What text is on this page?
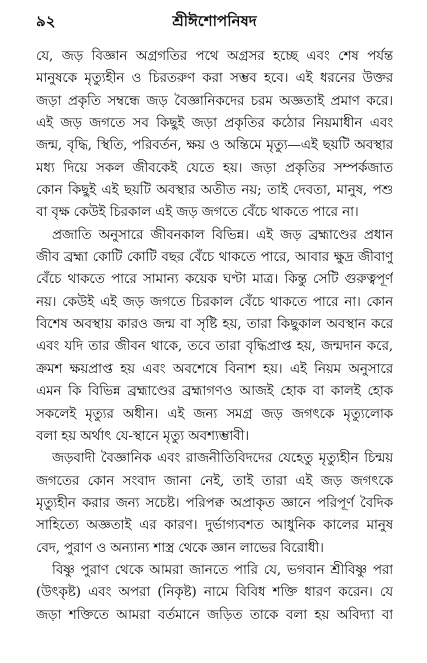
৯২	শ্রীঈশোপনিষদ
যে, জড় বিজ্ঞান অগ্রগতির পথে অগ্রসর হচ্ছে এবং শেষ পর্যন্ত
মানুষকে মৃত্যুহীন ও চিরতরুণ করা সম্ভব হবে। এই ধরনের উক্তর
জড়া প্রকৃতি সম্বন্ধে জড় বৈজ্ঞানিকদের চরম অজ্ঞতাই প্রমাণ করে।
এই জড় জগতে সব কিছুই জড়া প্রকৃতির কঠোর নিয়মাধীন এবং
জন্ম, বৃদ্ধি, স্থিতি, পরিবর্তন, ক্ষয় ও অন্তিমে মৃত্যু—এই ছয়টি অবস্থার
মধ্য দিয়ে সকল জীবকেই যেতে হয়। জড়া প্রকৃতির সম্পর্কজাত
কোন কিছুই এই ছয়টি অবস্থার অতীত নয়; তাই দেবতা, মানুষ, পশু
বা বৃক্ষ কেউই চিরকাল এই জড় জগতে বেঁচে থাকতে পারে না।
প্রজাতি অনুসারে জীবনকাল বিভিন্ন। এই জড় ব্রহ্মাণ্ডের প্রধান
জীব ব্রহ্মা কোটি কোটি বছর বেঁচে থাকতে পারে, আবার ক্ষুদ্র জীবাণু
বেঁচে থাকতে পারে সামান্য কয়েক ঘণ্টা মাত্র। কিন্তু সেটি গুরুত্বপূর্ণ
নয়। কেউই এই জড় জগতে চিরকাল বেঁচে থাকতে পারে না। কোন
বিশেষ অবস্থায় কারও জন্ম বা সৃষ্টি হয়, তারা কিছুকাল অবস্থান করে
এবং যদি তার জীবন থাকে, তবে তারা বৃদ্ধিপ্রাপ্ত হয়, জন্মদান করে,
ক্রমশ ক্ষয়প্রাপ্ত হয় এবং অবশেষে বিনাশ হয়। এই নিয়ম অনুসারে
এমন কি বিভিন্ন ব্রহ্মাণ্ডের ব্রহ্মাগণও আজই হোক বা কালই হোক
সকলেই মৃত্যুর অধীন। এই জন্য সমগ্র জড় জগৎকে মৃত্যুলোক
বলা হয় অর্থাৎ যে-স্থানে মৃত্যু অবশ্যম্ভাবী।
জড়বাদী বৈজ্ঞানিক এবং রাজনীতিবিদদের যেহেতু মৃত্যুহীন চিন্ময়
জগতের কোন সংবাদ জানা নেই, তাই তারা এই জড় জগৎকে
মৃত্যুহীন করার জন্য সচেষ্ট। পরিপক্ব অপ্রাকৃত জ্ঞানে পরিপূর্ণ বৈদিক
সাহিত্যে অজ্ঞতাই এর কারণ। দুর্ভাগ্যবশত আধুনিক কালের মানুষ
বেদ, পুরাণ ও অন্যান্য শাস্ত্র থেকে জ্ঞান লাভের বিরোধী।
বিষ্ণু পুরাণ থেকে আমরা জানতে পারি যে, ভগবান শ্রীবিষ্ণু পরা
(উৎকৃষ্ট) এবং অপরা (নিকৃষ্ট) নামে বিবিধ শক্তি ধারণ করেন। যে
জড়া শক্তিতে আমরা বর্তমানে জড়িত তাকে বলা হয় অবিদ্যা বা
